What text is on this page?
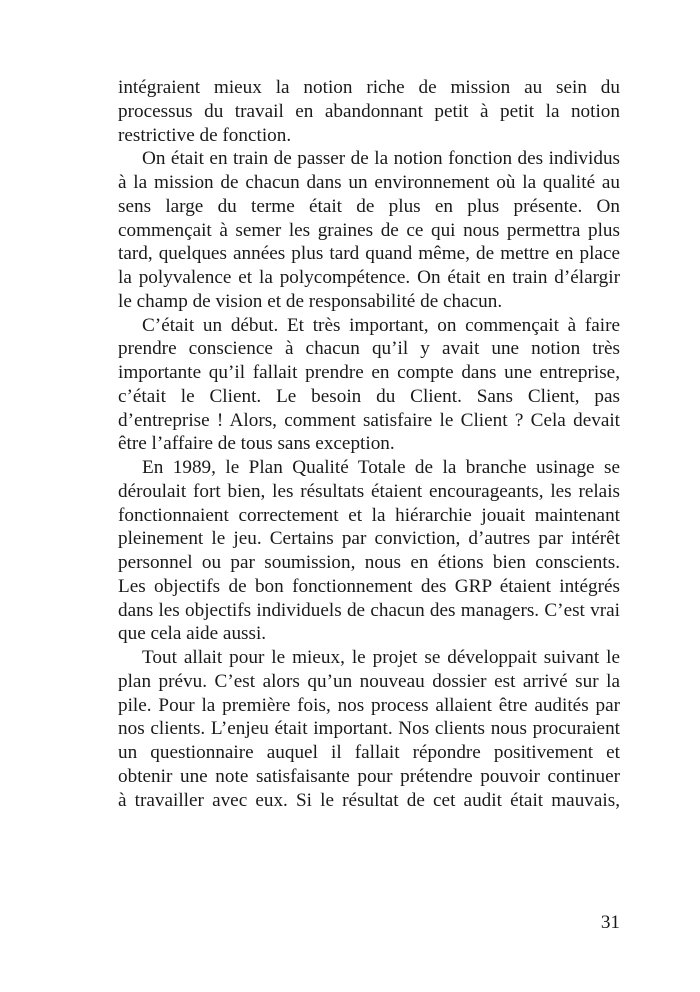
intégraient mieux la notion riche de mission au sein du
processus du travail en abandonnant petit à petit la notion
restrictive de fonction.
On était en train de passer de la notion fonction des individus
à la mission de chacun dans un environnement où la qualité au
sens large du terme était de plus en plus présente. On
commençait à semer les graines de ce qui nous permettra plus
tard, quelques années plus tard quand même, de mettre en place
la polyvalence et la polycompétence. On était en train d’élargir
le champ de vision et de responsabilité de chacun.
C’était un début. Et très important, on commençait à faire
prendre conscience à chacun qu’il y avait une notion très
importante qu’il fallait prendre en compte dans une entreprise,
c’était le Client. Le besoin du Client. Sans Client, pas
d’entreprise ! Alors, comment satisfaire le Client ? Cela devait
être l’affaire de tous sans exception.
En 1989, le Plan Qualité Totale de la branche usinage se
déroulait fort bien, les résultats étaient encourageants, les relais
fonctionnaient correctement et la hiérarchie jouait maintenant
pleinement le jeu. Certains par conviction, d’autres par intérêt
personnel ou par soumission, nous en étions bien conscients.
Les objectifs de bon fonctionnement des GRP étaient intégrés
dans les objectifs individuels de chacun des managers. C’est vrai
que cela aide aussi.
Tout allait pour le mieux, le projet se développait suivant le
plan prévu. C’est alors qu’un nouveau dossier est arrivé sur la
pile. Pour la première fois, nos process allaient être audités par
nos clients. L’enjeu était important. Nos clients nous procuraient
un questionnaire auquel il fallait répondre positivement et
obtenir une note satisfaisante pour prétendre pouvoir continuer
à travailler avec eux. Si le résultat de cet audit était mauvais,
31
